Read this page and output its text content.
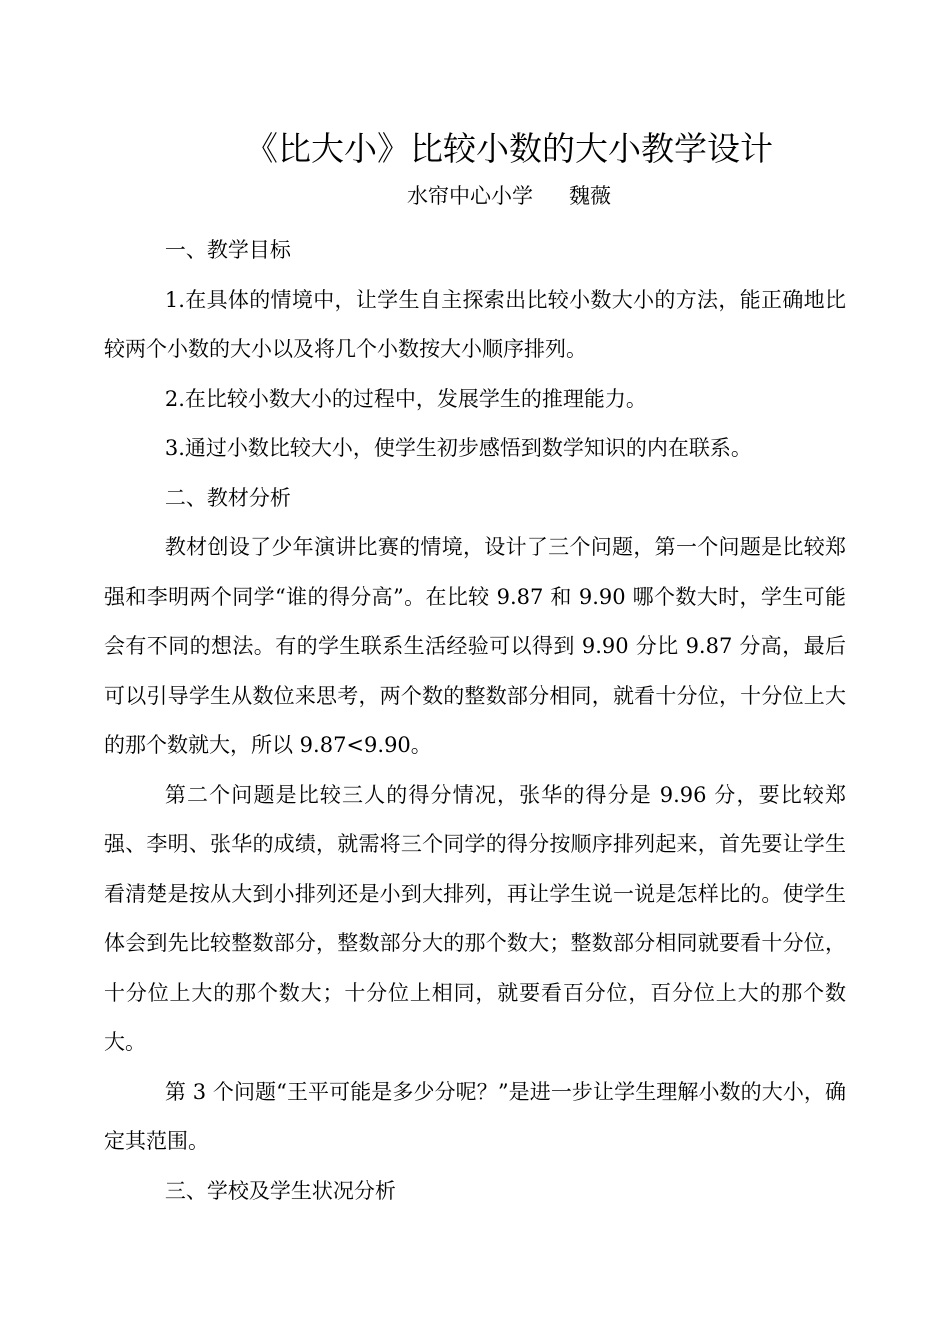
《比大小》比较小数的大小教学设计
水帘中心小学 魏薇

一、教学目标

1.在具体的情境中，让学生自主探索出比较小数大小的方法，能正确地比较两个小数的大小以及将几个小数按大小顺序排列。

2.在比较小数大小的过程中，发展学生的推理能力。

3.通过小数比较大小，使学生初步感悟到数学知识的内在联系。

二、教材分析

教材创设了少年演讲比赛的情境，设计了三个问题，第一个问题是比较郑强和李明两个同学“谁的得分高”。在比较 9.87 和 9.90 哪个数大时，学生可能会有不同的想法。有的学生联系生活经验可以得到 9.90 分比 9.87 分高，最后可以引导学生从数位来思考，两个数的整数部分相同，就看十分位，十分位上大的那个数就大，所以 9.87<9.90。

第二个问题是比较三人的得分情况，张华的得分是 9.96 分，要比较郑强、李明、张华的成绩，就需将三个同学的得分按顺序排列起来，首先要让学生看清楚是按从大到小排列还是小到大排列，再让学生说一说是怎样比的。使学生体会到先比较整数部分，整数部分大的那个数大；整数部分相同就要看十分位，十分位上大的那个数大；十分位上相同，就要看百分位，百分位上大的那个数大。

第 3 个问题“王平可能是多少分呢？”是进一步让学生理解小数的大小，确定其范围。

三、学校及学生状况分析
